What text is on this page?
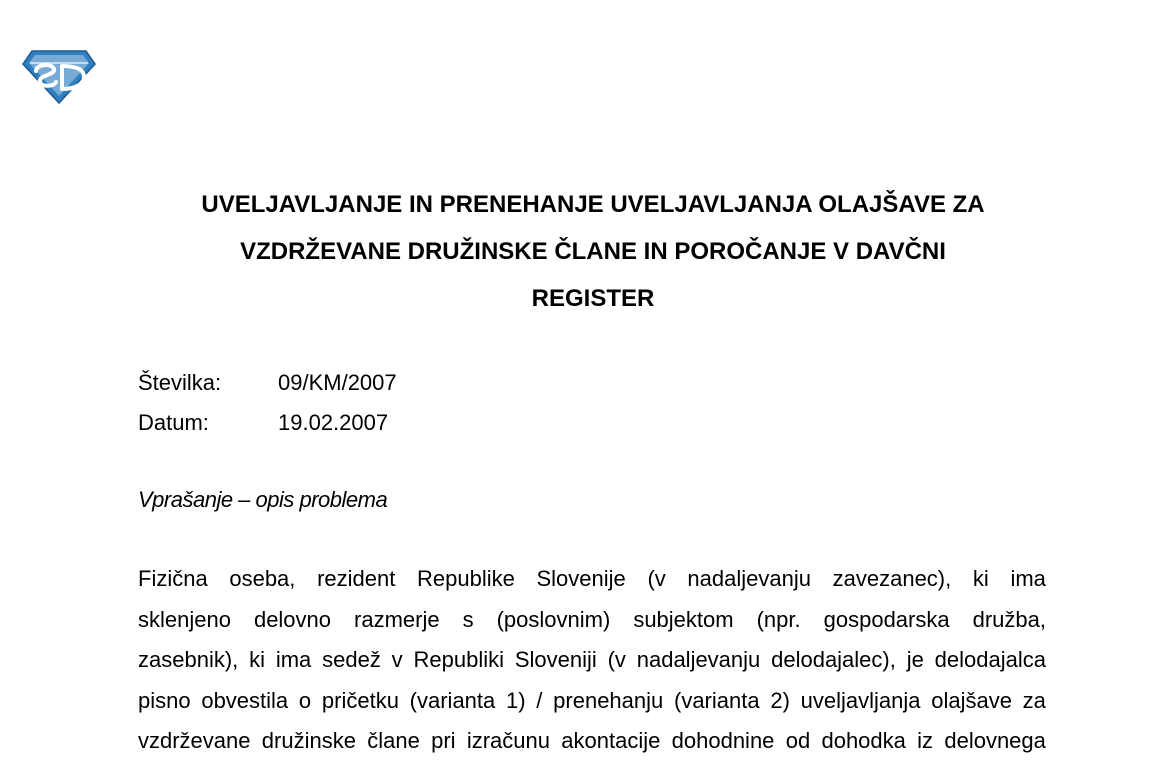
UVELJAVLJANJE IN PRENEHANJE UVELJAVLJANJA OLAJŠAVE ZA
VZDRŽEVANE DRUŽINSKE ČLANE IN POROČANJE V DAVČNI
REGISTER
Številka:	09/KM/2007
Datum:	19.02.2007
Vprašanje – opis problema
Fizična oseba, rezident Republike Slovenije (v nadaljevanju zavezanec), ki ima
sklenjeno delovno razmerje s (poslovnim) subjektom (npr. gospodarska družba,
zasebnik), ki ima sedež v Republiki Sloveniji (v nadaljevanju delodajalec), je delodajalca
pisno obvestila o pričetku (varianta 1) / prenehanju (varianta 2) uveljavljanja olajšave za
vzdrževane družinske člane pri izračunu akontacije dohodnine od dohodka iz delovnega
